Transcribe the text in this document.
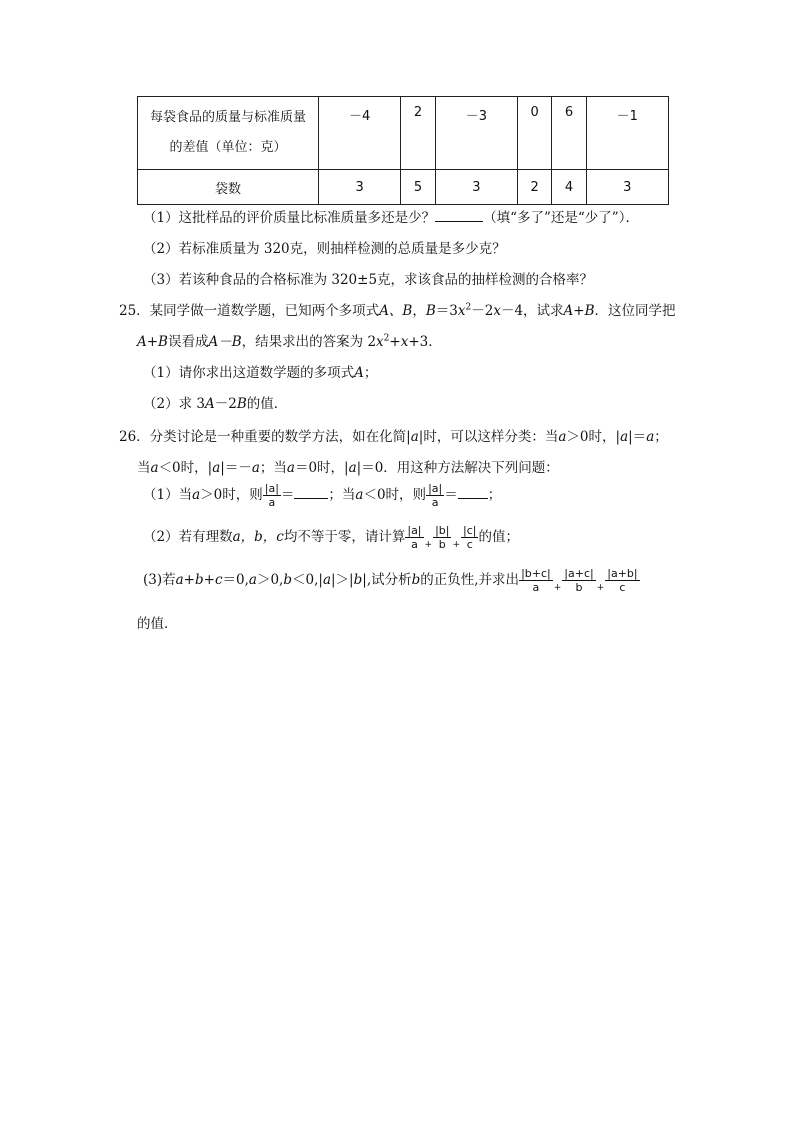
每袋食品的质量与标准质量
的差值（单位：克）	－4	2	－3	0	6	－1
袋数	3	5	3	2	4	3
（1）这批样品的评价质量比标准质量多还是少？	（填“多了”还是“少了”）．
（2）若标准质量为 320克，则抽样检测的总质量是多少克？
（3）若该种食品的合格标准为 320±5克，求该食品的抽样检测的合格率？
25．某同学做一道数学题，已知两个多项式A、B，$B=3x^2-2x-4$，试求A+B．这位同学把
A+B误看成A－B，结果求出的答案为 $2x^2+x+3$．
（1）请你求出这道数学题的多项式A；
（2）求 3A－2B的值．
26．分类讨论是一种重要的数学方法，如在化简|a|时，可以这样分类：当a＞0时，|a|＝a；
当a＜0时，|a|＝－a；当a＝0时，|a|＝0．用这种方法解决下列问题：
（1）当a＞0时，则 $\frac{|a|}{a}$ ＝	；当a＜0时，则 $\frac{|a|}{a}$ ＝ ；
（2）若有理数a，b，c均不等于零，请计算 $\frac{|a|}{a} _+ \frac{|b|}{b} _+ \frac{|c|}{c}$ 的值；
(3)若a+b+c＝0,a＞0,b＜0,|a|＞|b|,试分析b的正负性,并求出 $\frac{|b+c|}{a} _+ \frac{|a+c|}{b} _+ \frac{|a+b|}{c}$
的值．
